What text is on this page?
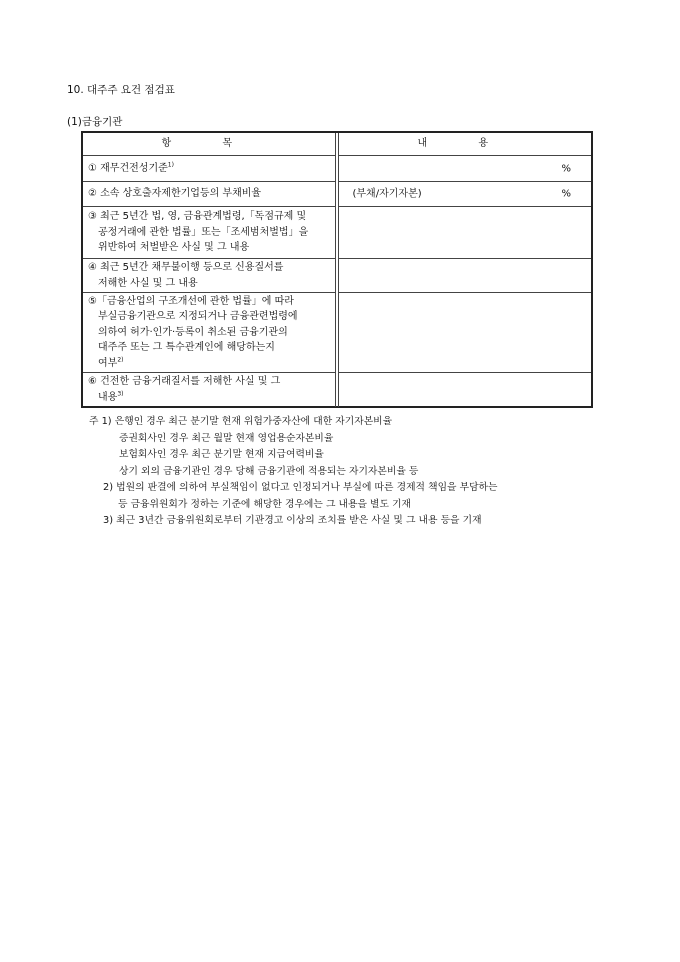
10. 대주주 요건 점검표
(1)금융기관
항 목		내 용
① 재무건전성기준$^{1)}$		%

② 소속 상호출자제한기업등의 부채비율		(부채/자기자본) %

③ 최근 5년간 법, 영, 금융관계법령,「독점규제 및
공정거래에 관한 법률」또는「조세범처벌법」을
위반하여 처벌받은 사실 및 그 내용		

④ 최근 5년간 채무불이행 등으로 신용질서를
저해한 사실 및 그 내용		

⑤「금융산업의 구조개선에 관한 법률」에 따라
부실금융기관으로 지정되거나 금융관련법령에
의하여 허가·인가·등록이 취소된 금융기관의
대주주 또는 그 특수관계인에 해당하는지
여부$^{2)}$

⑥ 건전한 금융거래질서를 저해한 사실 및 그
내용$^{3)}$

주 1) 은행인 경우 최근 분기말 현재 위험가중자산에 대한 자기자본비율
증권회사인 경우 최근 월말 현재 영업용순자본비율
보험회사인 경우 최근 분기말 현재 지급여력비율
상기 외의 금융기관인 경우 당해 금융기관에 적용되는 자기자본비율 등
2) 법원의 판결에 의하여 부실책임이 없다고 인정되거나 부실에 따른 경제적 책임을 부담하는
등 금융위원회가 정하는 기준에 해당한 경우에는 그 내용을 별도 기재
3) 최근 3년간 금융위원회로부터 기관경고 이상의 조치를 받은 사실 및 그 내용 등을 기재
